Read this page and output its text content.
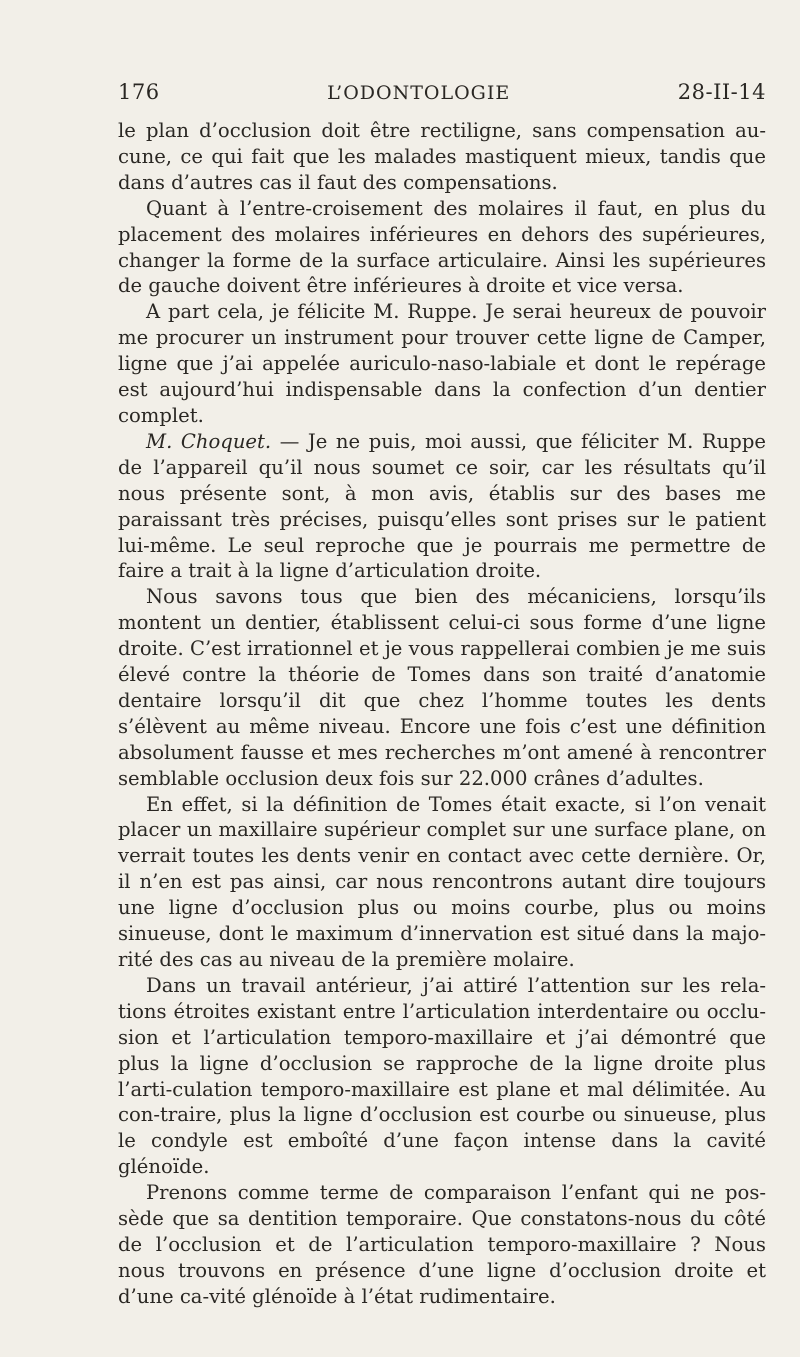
176	L’ODONTOLOGIE	28-II-14

le plan d’occlusion doit être rectiligne, sans compensation au-cune, ce qui fait que les malades mastiquent mieux, tandis que dans d’autres cas il faut des compensations.

Quant à l’entre-croisement des molaires il faut, en plus du placement des molaires inférieures en dehors des supérieures, changer la forme de la surface articulaire. Ainsi les supérieures de gauche doivent être inférieures à droite et vice versa.

A part cela, je félicite M. Ruppe. Je serai heureux de pouvoir me procurer un instrument pour trouver cette ligne de Camper, ligne que j’ai appelée auriculo-naso-labiale et dont le repérage est aujourd’hui indispensable dans la confection d’un dentier complet.

M. Choquet. — Je ne puis, moi aussi, que féliciter M. Ruppe de l’appareil qu’il nous soumet ce soir, car les résultats qu’il nous présente sont, à mon avis, établis sur des bases me paraissant très précises, puisqu’elles sont prises sur le patient lui-même. Le seul reproche que je pourrais me permettre de faire a trait à la ligne d’articulation droite.

Nous savons tous que bien des mécaniciens, lorsqu’ils montent un dentier, établissent celui-ci sous forme d’une ligne droite. C’est irrationnel et je vous rappellerai combien je me suis élevé contre la théorie de Tomes dans son traité d’anatomie dentaire lorsqu’il dit que chez l’homme toutes les dents s’élèvent au même niveau. Encore une fois c’est une définition absolument fausse et mes recherches m’ont amené à rencontrer semblable occlusion deux fois sur 22.000 crânes d’adultes.

En effet, si la définition de Tomes était exacte, si l’on venait placer un maxillaire supérieur complet sur une surface plane, on verrait toutes les dents venir en contact avec cette dernière. Or, il n’en est pas ainsi, car nous rencontrons autant dire toujours une ligne d’occlusion plus ou moins courbe, plus ou moins sinueuse, dont le maximum d’innervation est situé dans la majo-rité des cas au niveau de la première molaire.

Dans un travail antérieur, j’ai attiré l’attention sur les rela-tions étroites existant entre l’articulation interdentaire ou occlu-sion et l’articulation temporo-maxillaire et j’ai démontré que plus la ligne d’occlusion se rapproche de la ligne droite plus l’arti-culation temporo-maxillaire est plane et mal délimitée. Au con-traire, plus la ligne d’occlusion est courbe ou sinueuse, plus le condyle est emboîté d’une façon intense dans la cavité glénoïde.

Prenons comme terme de comparaison l’enfant qui ne pos-sède que sa dentition temporaire. Que constatons-nous du côté de l’occlusion et de l’articulation temporo-maxillaire ? Nous nous trouvons en présence d’une ligne d’occlusion droite et d’une ca-vité glénoïde à l’état rudimentaire.
